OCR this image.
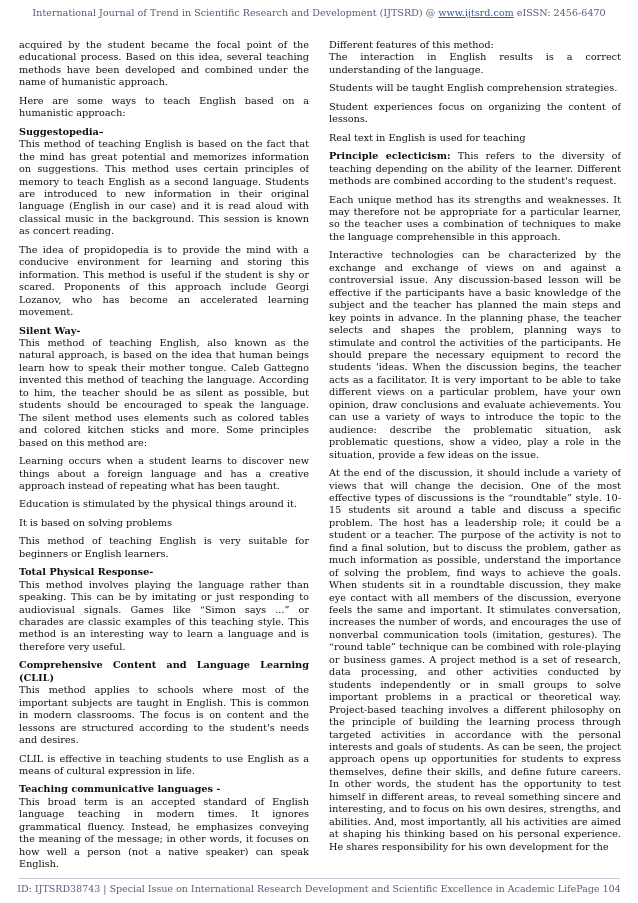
International Journal of Trend in Scientific Research and Development (IJTSRD) @ www.ijtsrd.com eISSN: 2456-6470

acquired by the student became the focal point of the educational process. Based on this idea, several teaching methods have been developed and combined under the name of humanistic approach.

Here are some ways to teach English based on a humanistic approach:

Suggestopedia–

This method of teaching English is based on the fact that the mind has great potential and memorizes information on suggestions. This method uses certain principles of memory to teach English as a second language. Students are introduced to new information in their original language (English in our case) and it is read aloud with classical music in the background. This session is known as concert reading.

The idea of propidopedia is to provide the mind with a conducive environment for learning and storing this information. This method is useful if the student is shy or scared. Proponents of this approach include Georgi Lozanov, who has become an accelerated learning movement.

Silent Way-

This method of teaching English, also known as the natural approach, is based on the idea that human beings learn how to speak their mother tongue. Caleb Gattegno invented this method of teaching the language. According to him, the teacher should be as silent as possible, but students should be encouraged to speak the language. The silent method uses elements such as colored tables and colored kitchen sticks and more. Some principles based on this method are:

Learning occurs when a student learns to discover new things about a foreign language and has a creative approach instead of repeating what has been taught.

Education is stimulated by the physical things around it.

It is based on solving problems

This method of teaching English is very suitable for beginners or English learners.

Total Physical Response-

This method involves playing the language rather than speaking. This can be by imitating or just responding to audiovisual signals. Games like “Simon says ...” or charades are classic examples of this teaching style. This method is an interesting way to learn a language and is therefore very useful.

Comprehensive Content and Language Learning (CLIL)

This method applies to schools where most of the important subjects are taught in English. This is common in modern classrooms. The focus is on content and the lessons are structured according to the student's needs and desires.

CLIL is effective in teaching students to use English as a means of cultural expression in life.

Teaching communicative languages -

This broad term is an accepted standard of English language teaching in modern times. It ignores grammatical fluency. Instead, he emphasizes conveying the meaning of the message; in other words, it focuses on how well a person (not a native speaker) can speak English.

Different features of this method:

The interaction in English results is a correct understanding of the language.

Students will be taught English comprehension strategies.

Student experiences focus on organizing the content of lessons.

Real text in English is used for teaching

Principle eclecticism: This refers to the diversity of teaching depending on the ability of the learner. Different methods are combined according to the student's request.

Each unique method has its strengths and weaknesses. It may therefore not be appropriate for a particular learner, so the teacher uses a combination of techniques to make the language comprehensible in this approach.

Interactive technologies can be characterized by the exchange and exchange of views on and against a controversial issue. Any discussion-based lesson will be effective if the participants have a basic knowledge of the subject and the teacher has planned the main steps and key points in advance. In the planning phase, the teacher selects and shapes the problem, planning ways to stimulate and control the activities of the participants. He should prepare the necessary equipment to record the students 'ideas. When the discussion begins, the teacher acts as a facilitator. It is very important to be able to take different views on a particular problem, have your own opinion, draw conclusions and evaluate achievements. You can use a variety of ways to introduce the topic to the audience: describe the problematic situation, ask problematic questions, show a video, play a role in the situation, provide a few ideas on the issue.

At the end of the discussion, it should include a variety of views that will change the decision. One of the most effective types of discussions is the “roundtable” style. 10-15 students sit around a table and discuss a specific problem. The host has a leadership role; it could be a student or a teacher. The purpose of the activity is not to find a final solution, but to discuss the problem, gather as much information as possible, understand the importance of solving the problem, find ways to achieve the goals. When students sit in a roundtable discussion, they make eye contact with all members of the discussion, everyone feels the same and important. It stimulates conversation, increases the number of words, and encourages the use of nonverbal communication tools (imitation, gestures). The “round table” technique can be combined with role-playing or business games. A project method is a set of research, data processing, and other activities conducted by students independently or in small groups to solve important problems in a practical or theoretical way. Project-based teaching involves a different philosophy on the principle of building the learning process through targeted activities in accordance with the personal interests and goals of students. As can be seen, the project approach opens up opportunities for students to express themselves, define their skills, and define future careers. In other words, the student has the opportunity to test himself in different areas, to reveal something sincere and interesting, and to focus on his own desires, strengths, and abilities. And, most importantly, all his activities are aimed at shaping his thinking based on his personal experience. He shares responsibility for his own development for the

ID: IJTSRD38743 | Special Issue on International Research Development and Scientific Excellence in Academic LifePage 104
